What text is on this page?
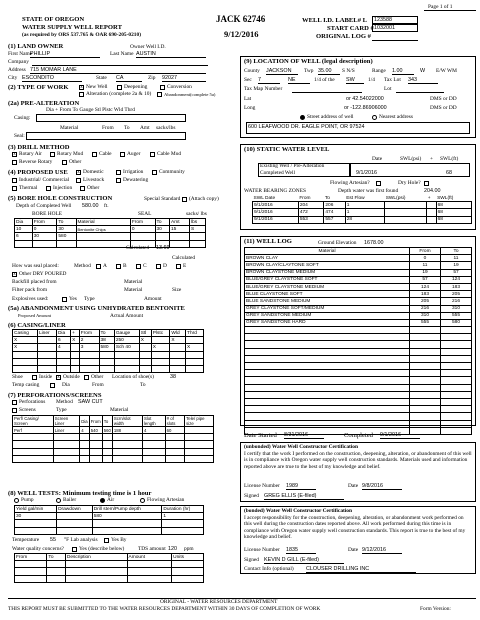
Page 1 of 1
STATE OF OREGON
WATER SUPPLY WELL REPORT
(as required by ORS 537.765 & OAR 690-205-0210)
JACK 62746
9/12/2016
WELL I.D. LABEL# L	123588
START CARD # 1032001
ORIGINAL LOG #
(1) LAND OWNER	Owner Well I.D.
First Name
PHILLIP	Last Name AUSTIN
Company
Address 715 MOMAR LANE
City ESCONDITO	State CA	Zip 92027
(2) TYPE OF WORK x New Well	Deepening	Conversion
Alteration (complete 2a & 10)	Abandonment(complete 5a)
(2a) PRE-ALTERATION
Dia + From To Gauge Stl Plstc Wld Thrd
Casing:
Material	From To Amt sacks/lbs
Seal:
(3) DRILL METHOD
x Rotary Air	Rotary Mud	Cable	Auger	Cable Mud
Reverse Rotary	Other
(4) PROPOSED USE x Domestic	Irrigation	Community
Industrial/ Commercial	Livestock	Dewatering
Thermal	Injection	Other
(5) BORE HOLE CONSTRUCTION	Special Standard (Attach copy)
Depth of Completed Well 580.00 ft.
BORE HOLE	SEAL	sacks/ lbs
Dia	From	To	Material	From	To	Amt	lbs
10	0	30	Bentonite Chips	0	30	15	S
6	30	580					

Calculated 13.69
Calculated
How was seal placed:	Method A	B	C	D	E
x Other DRY POURED
Backfill placed from	Material
Filter pack from	Material	Size
Explosives used:	Yes Type	Amount
(5a) ABANDONMENT USING UNHYDRATED BENTONITE
Proposed Amount	Actual Amount
(6) CASING/LINER
Casing	Liner	Dia	+	From	To	Gauge	Stl	Plstc	Wld	Thrd
X		6	X	2	38	250	X		X	
X		4		3	580	Sch 40		X		X

Shoe	Inside x Outside Other Location of shoe(s)	38
Temp casing	Dia	From	To
(7) PERFORATIONS/SCREENS
Perforations Method SAW CUT
Screens	Type	Material
Perf/ Casing/ Screen	Screen Liner	Dia	From	To	Scrn/slot width	Slot length	# of slots	Tele/ pipe size
Perf	Liner	4	540	560	188	4	60	

(8) WELL TESTS: Minimum testing time is 1 hour
Pump	Bailer	Air	Flowing Artesian
Yield gal/min	Drawdown	Drill stem/Pump depth	Duration (hr)
30		580	1

Temperature 55 °F Lab analysis Yes By
Water quality concerns?	Yes (describe below)	TDS amount 120 ppm
From	To	Description	Amount	Units

(9) LOCATION OF WELL (legal description)
County JACKSON	Twp 35.00	S N/S	Range 1.00	W E/W WM
Sec 7	NE	1/4 of the SW	1/4 Tax Lot 343
Tax Map Number	Lot
Lat	or 42.54022000	DMS or DD
Long	or -122.86906000	DMS or DD
Street address of well	Nearest address
600 LEAFWOOD DR. EAGLE POINT, OR 97524
(10) STATIC WATER LEVEL
Date	SWL(psi) + SWL(ft)
Existing Well / Pre-Alteration
Completed Well	9/1/2016	68
Flowing Artesian?	Dry Hole?
WATER BEARING ZONES	Depth water was first found	204.00
SWL Date	From	To	Est Flow	SWL(psi)	+	SWL(ft)
9/1/2016	204	206	1			68
9/1/2016	472	474	1			68
9/1/2016	553	557	28			68
(11) WELL LOG	Ground Elevation 1678.00
Material	From	To
BROWN CLAY	0	11
BROWN CLAY/CLAYTONE SOFT	11	19
BROWN CLAYSTONE MEDIUM	19	57
BLUE/GREY CLAYSTONE SOFT	57	124
BLUE/GREY CLAYSTONE MEDIUM	124	183
BLUE CLAYSTONE SOFT	183	205
BLUE SANDSTONE MEDIUM	205	216
GREY CLAYSTONE SOFT/MEDIUM	216	310
GREY SANDSTONE MEDIUM	310	555
GREY SANDSTONE HARD	555	580

Date Started 8/31/2016	Completed 9/1/2016
(unbonded) Water Well Constructor Certification
I certify that the work I performed on the construction, deepening, alteration, or abandonment of this well is in compliance with Oregon water supply well construction standards. Materials used and information reported above are true to the best of my knowledge and belief.
License Number 1989	Date 9/8/2016
Signed GREG ELLIS (E-filed)
(bonded) Water Well Constructor Certification
I accept responsibility for the construction, deepening, alteration, or abandonment work performed on this well during the construction dates reported above. All work performed during this time is in compliance with Oregon water supply well construction standards. This report is true to the best of my knowledge and belief.
License Number 1835	Date 9/12/2016
Signed KEVIN D GILL (E-filed)
Contact Info (optional) CLOUSER DRILLING INC
ORIGINAL - WATER RESOURCES DEPARTMENT
THIS REPORT MUST BE SUBMITTED TO THE WATER RESOURCES DEPARTMENT WITHIN 30 DAYS OF COMPLETION OF WORK	Form Version:
